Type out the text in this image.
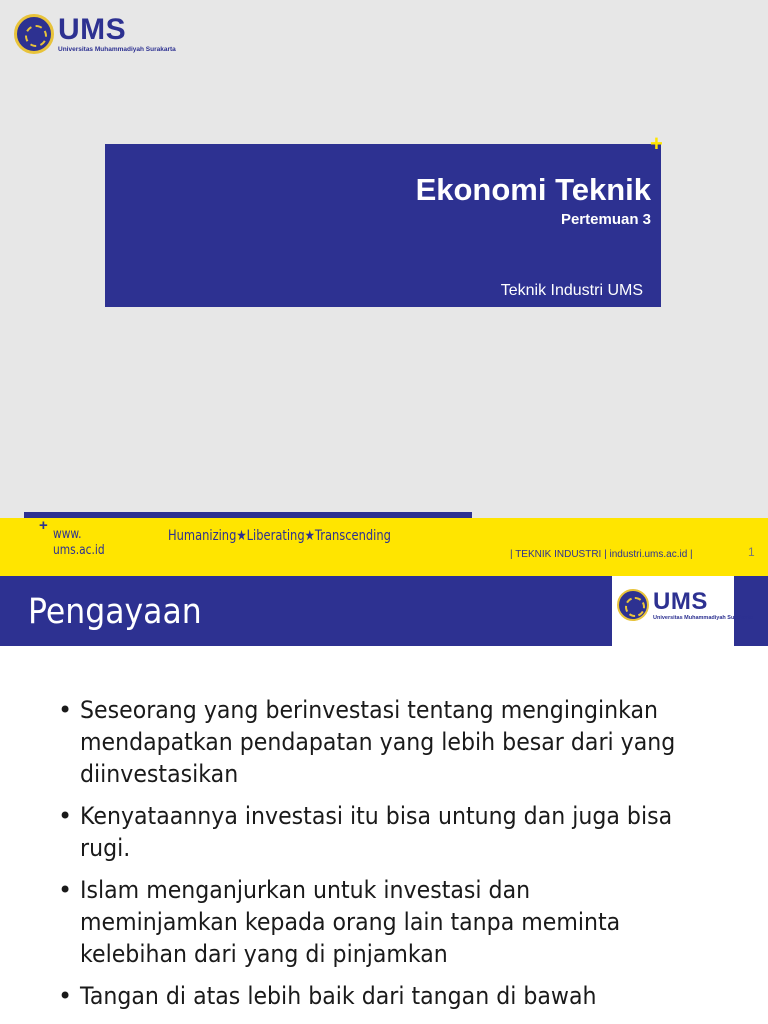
UMS
Universitas Muhammadiyah Surakarta
Ekonomi Teknik
Pertemuan 3
Teknik Industri UMS
+
+
www.
ums.ac.id
Humanizing★Liberating★Transcending
| TEKNIK INDUSTRI | industri.ums.ac.id |	1
Pengayaan	UMS
Universitas Muhammadiyah Surakarta
• Seseorang yang berinvestasi tentang menginginkan
mendapatkan pendapatan yang lebih besar dari yang
diinvestasikan
• Kenyataannya investasi itu bisa untung dan juga bisa
rugi.
• Islam menganjurkan untuk investasi dan
meminjamkan kepada orang lain tanpa meminta
kelebihan dari yang di pinjamkan
• Tangan di atas lebih baik dari tangan di bawah
